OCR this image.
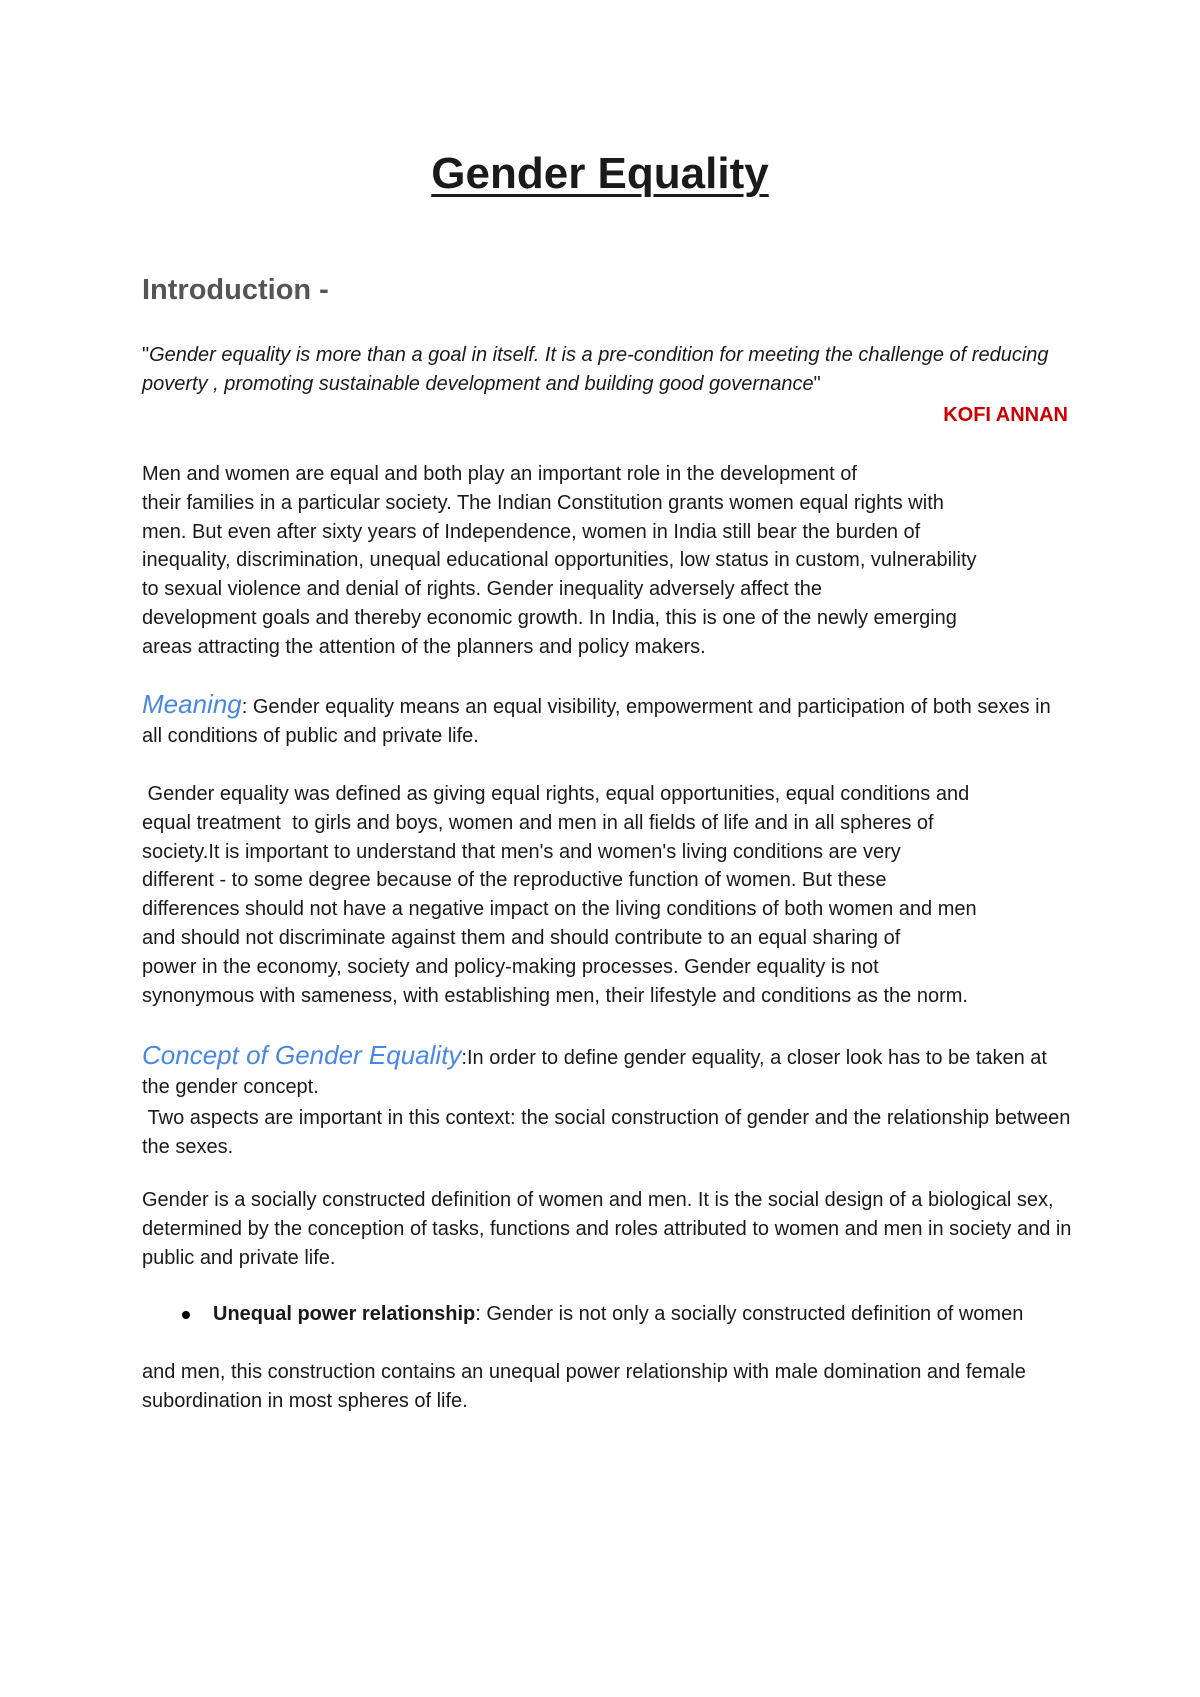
Gender Equality
Introduction -

"Gender equality is more than a goal in itself. It is a pre-condition for meeting the challenge of reducing poverty , promoting sustainable development and building good governance"

KOFI ANNAN

Men and women are equal and both play an important role in the development of
their families in a particular society. The Indian Constitution grants women equal rights with
men. But even after sixty years of Independence, women in India still bear the burden of
inequality, discrimination, unequal educational opportunities, low status in custom, vulnerability
to sexual violence and denial of rights. Gender inequality adversely affect the
development goals and thereby economic growth. In India, this is one of the newly emerging
areas attracting the attention of the planners and policy makers.

Meaning: Gender equality means an equal visibility, empowerment and participation of both sexes in all conditions of public and private life.

Gender equality was defined as giving equal rights, equal opportunities, equal conditions and
equal treatment  to girls and boys, women and men in all fields of life and in all spheres of
society.It is important to understand that men's and women's living conditions are very
different - to some degree because of the reproductive function of women. But these
differences should not have a negative impact on the living conditions of both women and men
and should not discriminate against them and should contribute to an equal sharing of
power in the economy, society and policy-making processes. Gender equality is not
synonymous with sameness, with establishing men, their lifestyle and conditions as the norm.

Concept of Gender Equality:In order to define gender equality, a closer look has to be taken at the gender concept.

Two aspects are important in this context: the social construction of gender and the relationship between the sexes.

Gender is a socially constructed definition of women and men. It is the social design of a biological sex, determined by the conception of tasks, functions and roles attributed to women and men in society and in public and private life.

Unequal power relationship: Gender is not only a socially constructed definition of women

and men, this construction contains an unequal power relationship with male domination and female subordination in most spheres of life.
